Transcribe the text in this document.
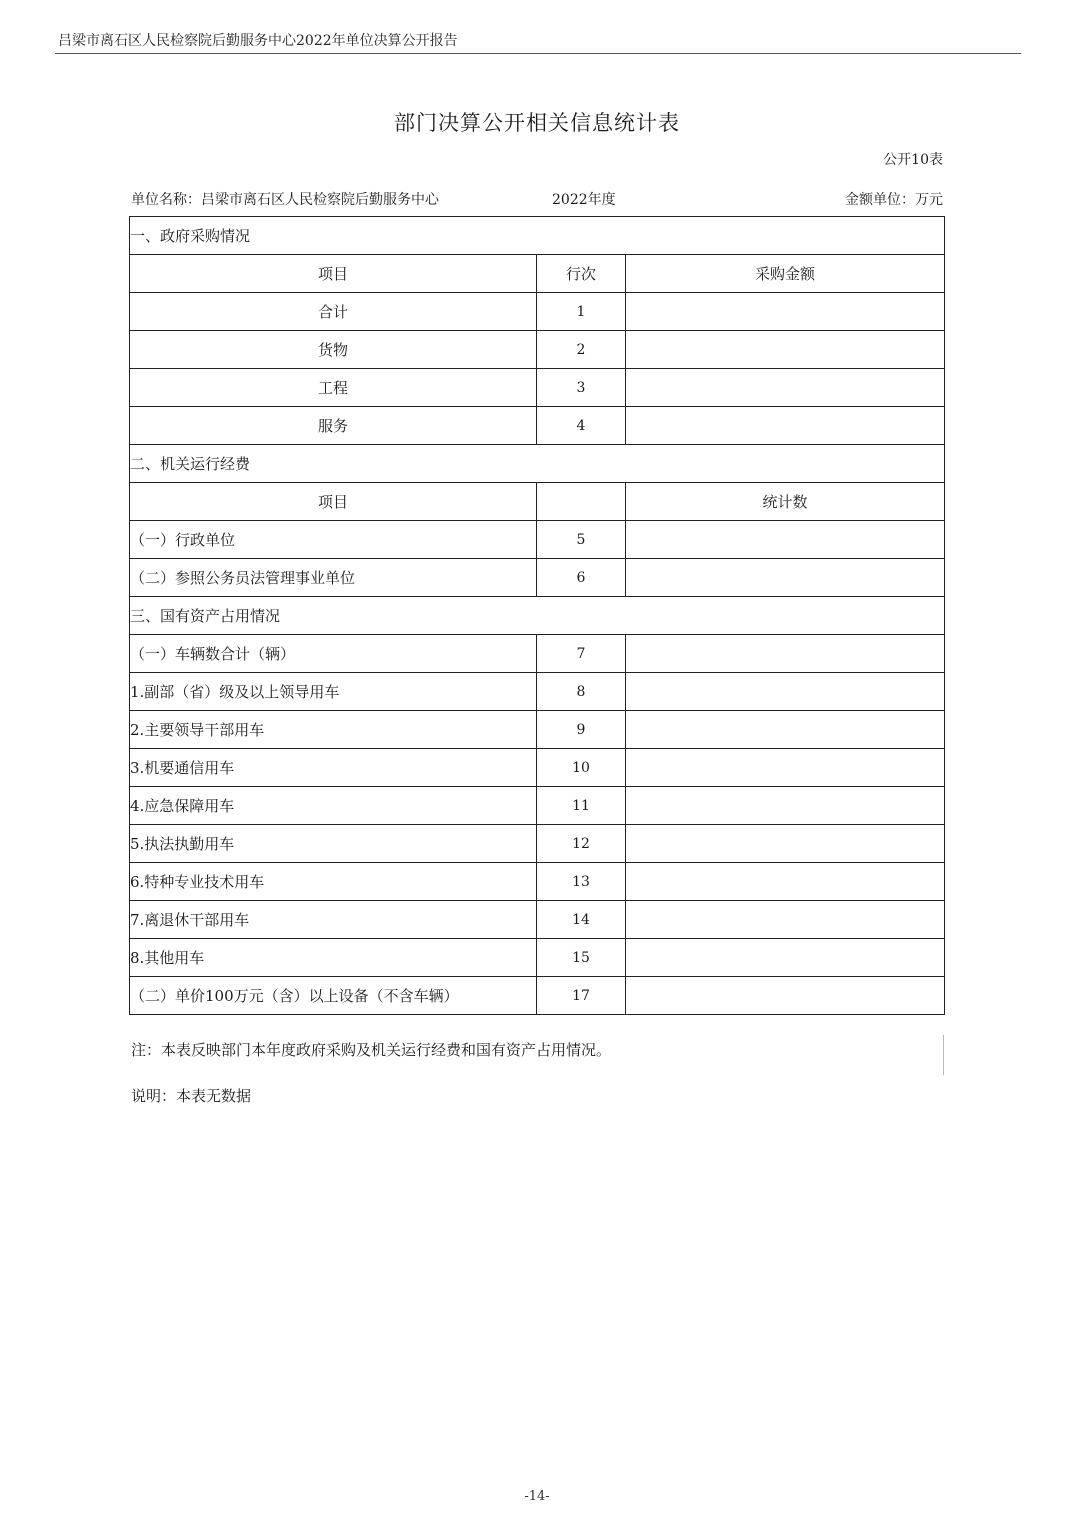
吕梁市离石区人民检察院后勤服务中心2022年单位决算公开报告
部门决算公开相关信息统计表
公开10表
单位名称：吕梁市离石区人民检察院后勤服务中心	2022年度	金额单位：万元
一、政府采购情况		
项目	行次	采购金额
合计	1	
货物	2	
工程	3	
服务	4	
二、机关运行经费		
项目		统计数
（一）行政单位	5	
（二）参照公务员法管理事业单位	6	
三、国有资产占用情况		
（一）车辆数合计（辆）	7	
1.副部（省）级及以上领导用车	8	
2.主要领导干部用车	9	
3.机要通信用车	10	
4.应急保障用车	11	
5.执法执勤用车	12	
6.特种专业技术用车	13	
7.离退休干部用车	14	
8.其他用车	15	
（二）单价100万元（含）以上设备（不含车辆）	17	
注：本表反映部门本年度政府采购及机关运行经费和国有资产占用情况。
说明：本表无数据
-14-
